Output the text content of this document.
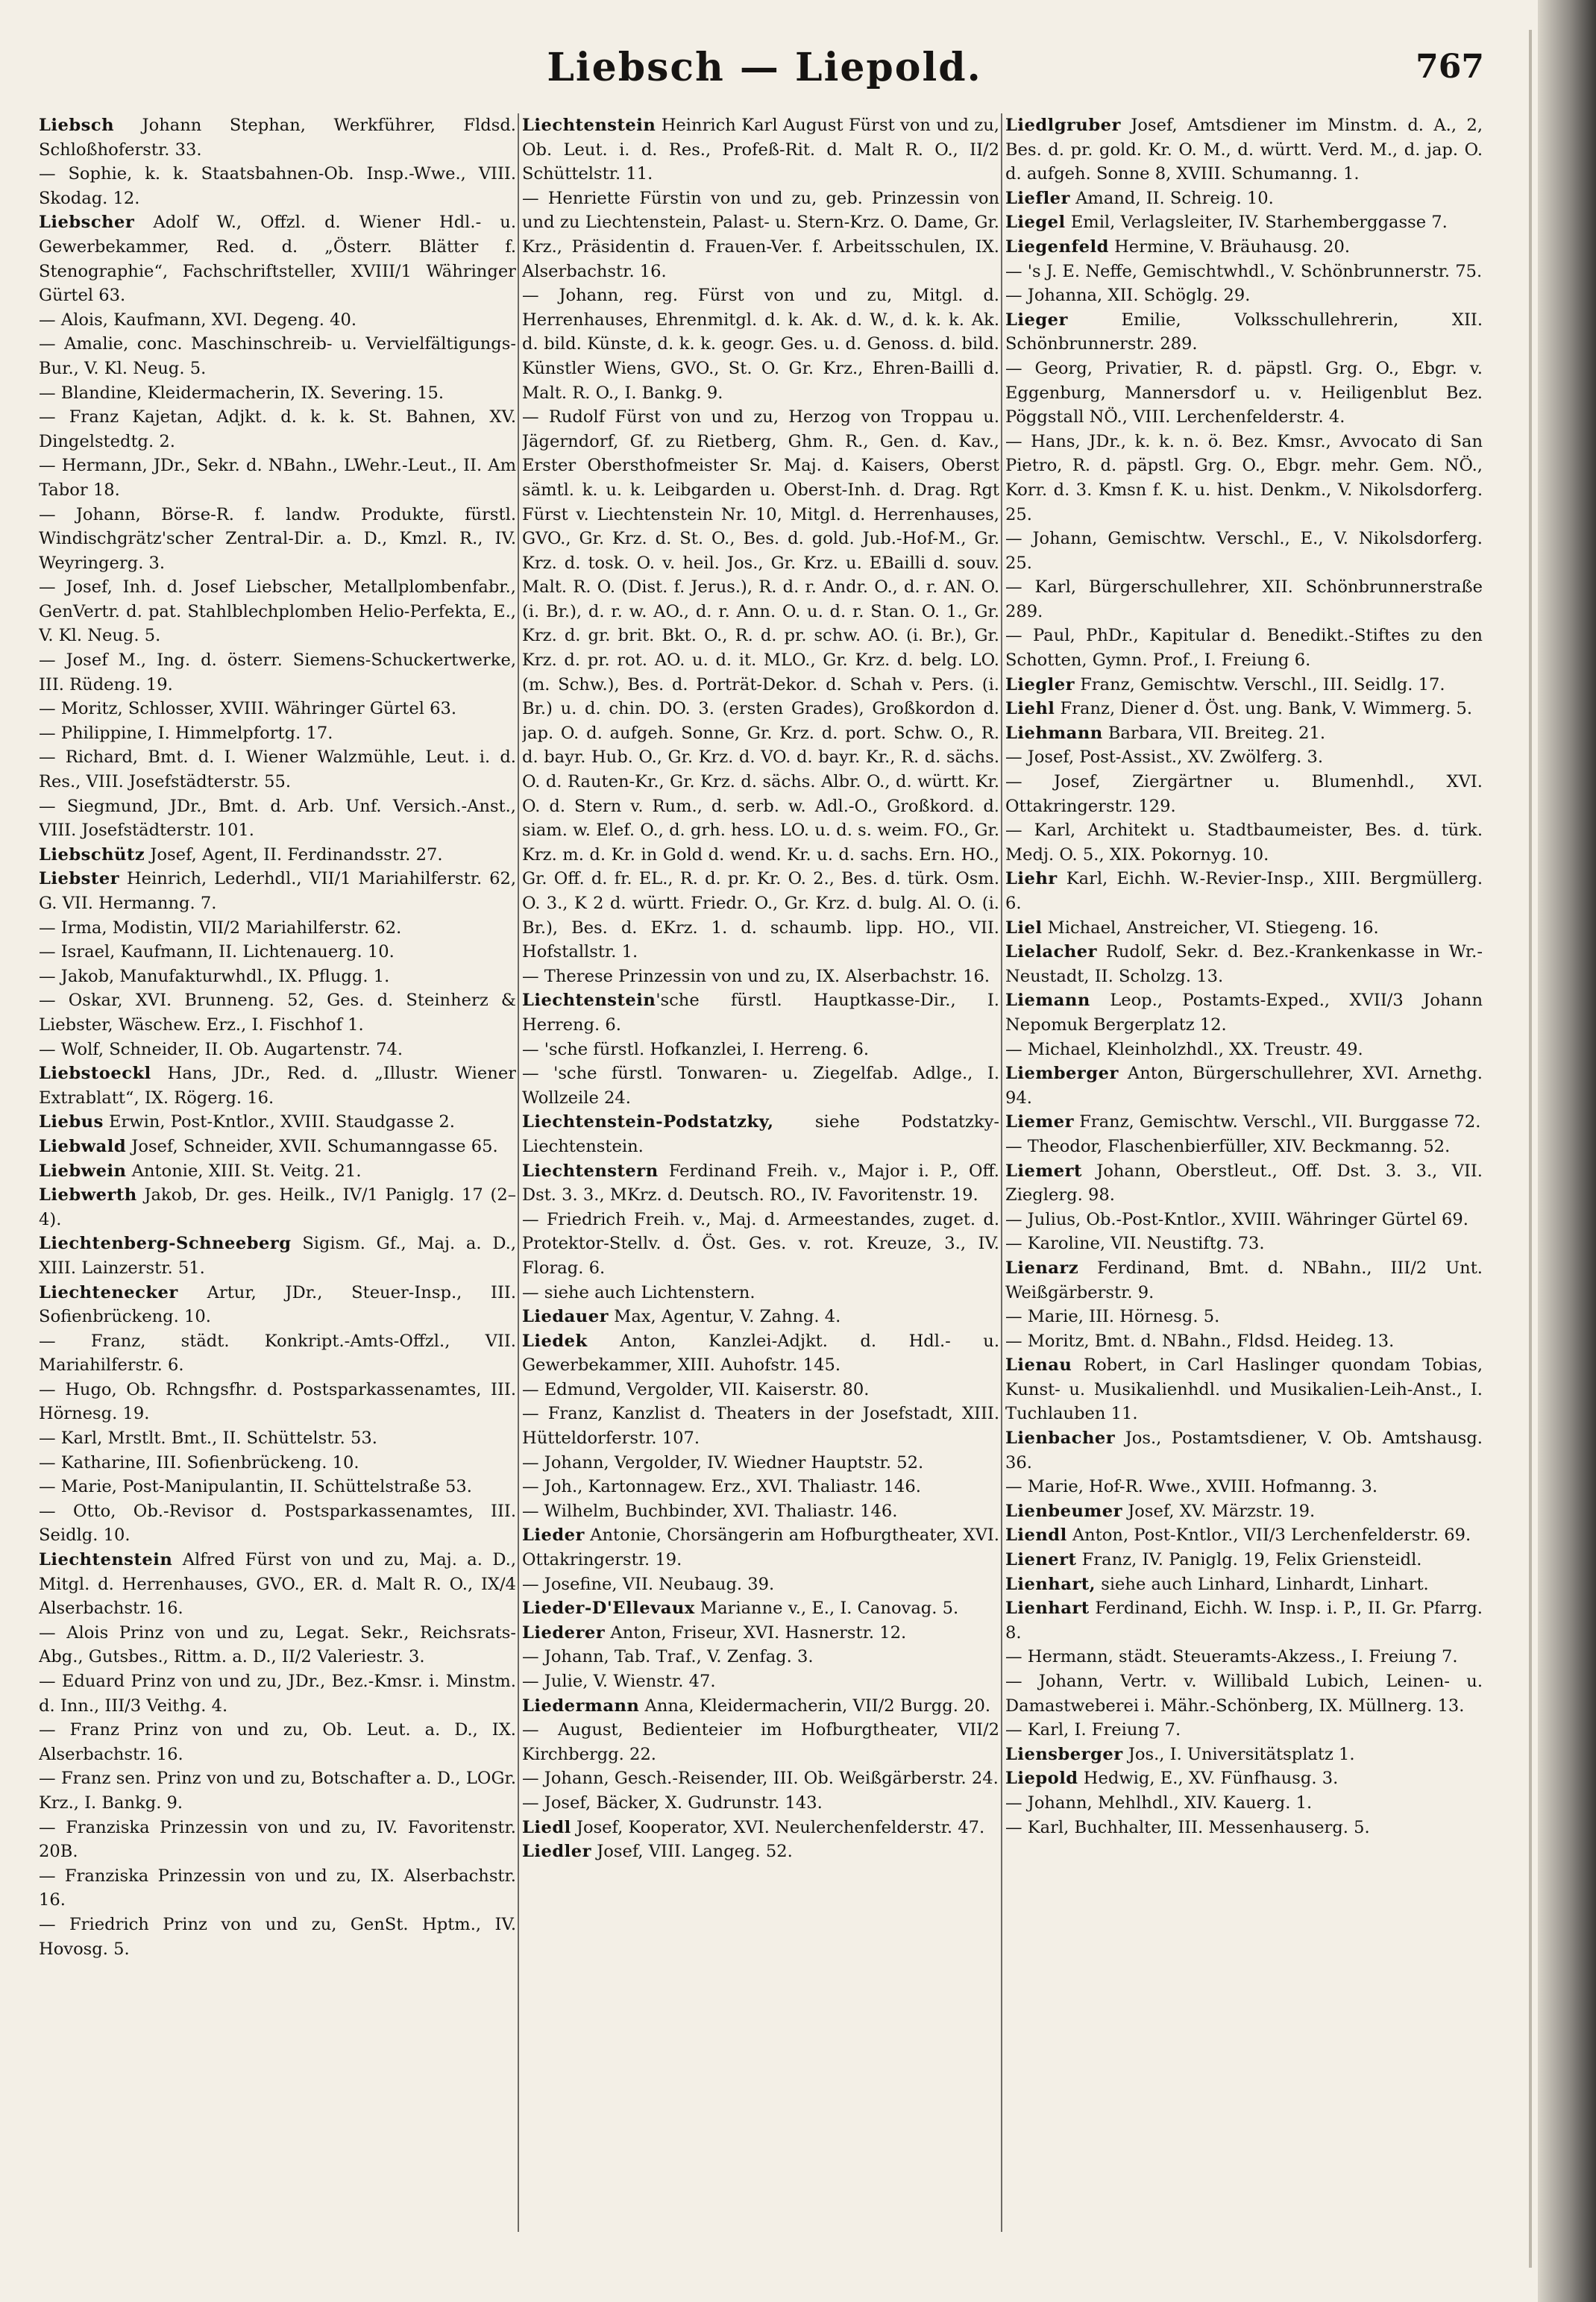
Liebsch — Liepold.	767

Liebsch Johann Stephan, Werkführer, Fldsd. Schloßhoferstr. 33.

— Sophie, k. k. Staatsbahnen-Ob. Insp.-Wwe., VIII. Skodag. 12.

Liebscher Adolf W., Offzl. d. Wiener Hdl.- u. Gewerbekammer, Red. d. „Österr. Blätter f. Stenographie“, Fachschriftsteller, XVIII/1 Währinger Gürtel 63.

— Alois, Kaufmann, XVI. Degeng. 40.

— Amalie, conc. Maschinschreib- u. Vervielfältigungs-Bur., V. Kl. Neug. 5.

— Blandine, Kleidermacherin, IX. Severing. 15.

— Franz Kajetan, Adjkt. d. k. k. St. Bahnen, XV. Dingelstedtg. 2.

— Hermann, JDr., Sekr. d. NBahn., LWehr.-Leut., II. Am Tabor 18.

— Johann, Börse-R. f. landw. Produkte, fürstl. Windischgrätz'scher Zentral-Dir. a. D., Kmzl. R., IV. Weyringerg. 3.

— Josef, Inh. d. Josef Liebscher, Metallplombenfabr., GenVertr. d. pat. Stahlblechplomben Helio-Perfekta, E., V. Kl. Neug. 5.

— Josef M., Ing. d. österr. Siemens-Schuckertwerke, III. Rüdeng. 19.

— Moritz, Schlosser, XVIII. Währinger Gürtel 63.

— Philippine, I. Himmelpfortg. 17.

— Richard, Bmt. d. I. Wiener Walzmühle, Leut. i. d. Res., VIII. Josefstädterstr. 55.

— Siegmund, JDr., Bmt. d. Arb. Unf. Versich.-Anst., VIII. Josefstädterstr. 101.

Liebschütz Josef, Agent, II. Ferdinandsstr. 27.

Liebster Heinrich, Lederhdl., VII/1 Mariahilferstr. 62, G. VII. Hermanng. 7.

— Irma, Modistin, VII/2 Mariahilferstr. 62.

— Israel, Kaufmann, II. Lichtenauerg. 10.

— Jakob, Manufakturwhdl., IX. Pflugg. 1.

— Oskar, XVI. Brunneng. 52, Ges. d. Steinherz & Liebster, Wäschew. Erz., I. Fischhof 1.

— Wolf, Schneider, II. Ob. Augartenstr. 74.

Liebstoeckl Hans, JDr., Red. d. „Illustr. Wiener Extrablatt“, IX. Rögerg. 16.

Liebus Erwin, Post-Kntlor., XVIII. Staudgasse 2.

Liebwald Josef, Schneider, XVII. Schumanngasse 65.

Liebwein Antonie, XIII. St. Veitg. 21.

Liebwerth Jakob, Dr. ges. Heilk., IV/1 Paniglg. 17 (2–4).

Liechtenberg-Schneeberg Sigism. Gf., Maj. a. D., XIII. Lainzerstr. 51.

Liechtenecker Artur, JDr., Steuer-Insp., III. Sofienbrückeng. 10.

— Franz, städt. Konkript.-Amts-Offzl., VII. Mariahilferstr. 6.

— Hugo, Ob. Rchngsfhr. d. Postsparkassenamtes, III. Hörnesg. 19.

— Karl, Mrstlt. Bmt., II. Schüttelstr. 53.

— Katharine, III. Sofienbrückeng. 10.

— Marie, Post-Manipulantin, II. Schüttelstraße 53.

— Otto, Ob.-Revisor d. Postsparkassenamtes, III. Seidlg. 10.

Liechtenstein Alfred Fürst von und zu, Maj. a. D., Mitgl. d. Herrenhauses, GVO., ER. d. Malt R. O., IX/4 Alserbachstr. 16.

— Alois Prinz von und zu, Legat. Sekr., Reichsrats-Abg., Gutsbes., Rittm. a. D., II/2 Valeriestr. 3.

— Eduard Prinz von und zu, JDr., Bez.-Kmsr. i. Minstm. d. Inn., III/3 Veithg. 4.

— Franz Prinz von und zu, Ob. Leut. a. D., IX. Alserbachstr. 16.

— Franz sen. Prinz von und zu, Botschafter a. D., LOGr. Krz., I. Bankg. 9.

— Franziska Prinzessin von und zu, IV. Favoritenstr. 20B.

— Franziska Prinzessin von und zu, IX. Alserbachstr. 16.

— Friedrich Prinz von und zu, GenSt. Hptm., IV. Hovosg. 5.

Liechtenstein Heinrich Karl August Fürst von und zu, Ob. Leut. i. d. Res., Profeß-Rit. d. Malt R. O., II/2 Schüttelstr. 11.

— Henriette Fürstin von und zu, geb. Prinzessin von und zu Liechtenstein, Palast- u. Stern-Krz. O. Dame, Gr. Krz., Präsidentin d. Frauen-Ver. f. Arbeitsschulen, IX. Alserbachstr. 16.

— Johann, reg. Fürst von und zu, Mitgl. d. Herrenhauses, Ehrenmitgl. d. k. Ak. d. W., d. k. k. Ak. d. bild. Künste, d. k. k. geogr. Ges. u. d. Genoss. d. bild. Künstler Wiens, GVO., St. O. Gr. Krz., Ehren-Bailli d. Malt. R. O., I. Bankg. 9.

— Rudolf Fürst von und zu, Herzog von Troppau u. Jägerndorf, Gf. zu Rietberg, Ghm. R., Gen. d. Kav., Erster Obersthofmeister Sr. Maj. d. Kaisers, Oberst sämtl. k. u. k. Leibgarden u. Oberst-Inh. d. Drag. Rgt Fürst v. Liechtenstein Nr. 10, Mitgl. d. Herrenhauses, GVO., Gr. Krz. d. St. O., Bes. d. gold. Jub.-Hof-M., Gr. Krz. d. tosk. O. v. heil. Jos., Gr. Krz. u. EBailli d. souv. Malt. R. O. (Dist. f. Jerus.), R. d. r. Andr. O., d. r. AN. O. (i. Br.), d. r. w. AO., d. r. Ann. O. u. d. r. Stan. O. 1., Gr. Krz. d. gr. brit. Bkt. O., R. d. pr. schw. AO. (i. Br.), Gr. Krz. d. pr. rot. AO. u. d. it. MLO., Gr. Krz. d. belg. LO. (m. Schw.), Bes. d. Porträt-Dekor. d. Schah v. Pers. (i. Br.) u. d. chin. DO. 3. (ersten Grades), Großkordon d. jap. O. d. aufgeh. Sonne, Gr. Krz. d. port. Schw. O., R. d. bayr. Hub. O., Gr. Krz. d. VO. d. bayr. Kr., R. d. sächs. O. d. Rauten-Kr., Gr. Krz. d. sächs. Albr. O., d. württ. Kr. O. d. Stern v. Rum., d. serb. w. Adl.-O., Großkord. d. siam. w. Elef. O., d. grh. hess. LO. u. d. s. weim. FO., Gr. Krz. m. d. Kr. in Gold d. wend. Kr. u. d. sachs. Ern. HO., Gr. Off. d. fr. EL., R. d. pr. Kr. O. 2., Bes. d. türk. Osm. O. 3., K 2 d. württ. Friedr. O., Gr. Krz. d. bulg. Al. O. (i. Br.), Bes. d. EKrz. 1. d. schaumb. lipp. HO., VII. Hofstallstr. 1.

— Therese Prinzessin von und zu, IX. Alserbachstr. 16.

Liechtenstein'sche fürstl. Hauptkasse-Dir., I. Herreng. 6.

— 'sche fürstl. Hofkanzlei, I. Herreng. 6.

— 'sche fürstl. Tonwaren- u. Ziegelfab. Adlge., I. Wollzeile 24.

Liechtenstein-Podstatzky, siehe Podstatzky-Liechtenstein.

Liechtenstern Ferdinand Freih. v., Major i. P., Off. Dst. 3. 3., MKrz. d. Deutsch. RO., IV. Favoritenstr. 19.

— Friedrich Freih. v., Maj. d. Armeestandes, zuget. d. Protektor-Stellv. d. Öst. Ges. v. rot. Kreuze, 3., IV. Florag. 6.

— siehe auch Lichtenstern.

Liedauer Max, Agentur, V. Zahng. 4.

Liedek Anton, Kanzlei-Adjkt. d. Hdl.- u. Gewerbekammer, XIII. Auhofstr. 145.

— Edmund, Vergolder, VII. Kaiserstr. 80.

— Franz, Kanzlist d. Theaters in der Josefstadt, XIII. Hütteldorferstr. 107.

— Johann, Vergolder, IV. Wiedner Hauptstr. 52.

— Joh., Kartonnagew. Erz., XVI. Thaliastr. 146.

— Wilhelm, Buchbinder, XVI. Thaliastr. 146.

Lieder Antonie, Chorsängerin am Hofburgtheater, XVI. Ottakringerstr. 19.

— Josefine, VII. Neubaug. 39.

Lieder-D'Ellevaux Marianne v., E., I. Canovag. 5.

Liederer Anton, Friseur, XVI. Hasnerstr. 12.

— Johann, Tab. Traf., V. Zenfag. 3.

— Julie, V. Wienstr. 47.

Liedermann Anna, Kleidermacherin, VII/2 Burgg. 20.

— August, Bedienteier im Hofburgtheater, VII/2 Kirchbergg. 22.

— Johann, Gesch.-Reisender, III. Ob. Weißgärberstr. 24.

— Josef, Bäcker, X. Gudrunstr. 143.

Liedl Josef, Kooperator, XVI. Neulerchenfelderstr. 47.

Liedler Josef, VIII. Langeg. 52.

Liedlgruber Josef, Amtsdiener im Minstm. d. A., 2, Bes. d. pr. gold. Kr. O. M., d. württ. Verd. M., d. jap. O. d. aufgeh. Sonne 8, XVIII. Schumanng. 1.

Liefler Amand, II. Schreig. 10.

Liegel Emil, Verlagsleiter, IV. Starhemberggasse 7.

Liegenfeld Hermine, V. Bräuhausg. 20.

— 's J. E. Neffe, Gemischtwhdl., V. Schönbrunnerstr. 75.

— Johanna, XII. Schöglg. 29.

Lieger Emilie, Volksschullehrerin, XII. Schönbrunnerstr. 289.

— Georg, Privatier, R. d. päpstl. Grg. O., Ebgr. v. Eggenburg, Mannersdorf u. v. Heiligenblut Bez. Pöggstall NÖ., VIII. Lerchenfelderstr. 4.

— Hans, JDr., k. k. n. ö. Bez. Kmsr., Avvocato di San Pietro, R. d. päpstl. Grg. O., Ebgr. mehr. Gem. NÖ., Korr. d. 3. Kmsn f. K. u. hist. Denkm., V. Nikolsdorferg. 25.

— Johann, Gemischtw. Verschl., E., V. Nikolsdorferg. 25.

— Karl, Bürgerschullehrer, XII. Schönbrunnerstraße 289.

— Paul, PhDr., Kapitular d. Benedikt.-Stiftes zu den Schotten, Gymn. Prof., I. Freiung 6.

Liegler Franz, Gemischtw. Verschl., III. Seidlg. 17.

Liehl Franz, Diener d. Öst. ung. Bank, V. Wimmerg. 5.

Liehmann Barbara, VII. Breiteg. 21.

— Josef, Post-Assist., XV. Zwölferg. 3.

— Josef, Ziergärtner u. Blumenhdl., XVI. Ottakringerstr. 129.

— Karl, Architekt u. Stadtbaumeister, Bes. d. türk. Medj. O. 5., XIX. Pokornyg. 10.

Liehr Karl, Eichh. W.-Revier-Insp., XIII. Bergmüllerg. 6.

Liel Michael, Anstreicher, VI. Stiegeng. 16.

Lielacher Rudolf, Sekr. d. Bez.-Krankenkasse in Wr.-Neustadt, II. Scholzg. 13.

Liemann Leop., Postamts-Exped., XVII/3 Johann Nepomuk Bergerplatz 12.

— Michael, Kleinholzhdl., XX. Treustr. 49.

Liemberger Anton, Bürgerschullehrer, XVI. Arnethg. 94.

Liemer Franz, Gemischtw. Verschl., VII. Burggasse 72.

— Theodor, Flaschenbierfüller, XIV. Beckmanng. 52.

Liemert Johann, Oberstleut., Off. Dst. 3. 3., VII. Zieglerg. 98.

— Julius, Ob.-Post-Kntlor., XVIII. Währinger Gürtel 69.

— Karoline, VII. Neustiftg. 73.

Lienarz Ferdinand, Bmt. d. NBahn., III/2 Unt. Weißgärberstr. 9.

— Marie, III. Hörnesg. 5.

— Moritz, Bmt. d. NBahn., Fldsd. Heideg. 13.

Lienau Robert, in Carl Haslinger quondam Tobias, Kunst- u. Musikalienhdl. und Musikalien-Leih-Anst., I. Tuchlauben 11.

Lienbacher Jos., Postamtsdiener, V. Ob. Amtshausg. 36.

— Marie, Hof-R. Wwe., XVIII. Hofmanng. 3.

Lienbeumer Josef, XV. Märzstr. 19.

Liendl Anton, Post-Kntlor., VII/3 Lerchenfelderstr. 69.

Lienert Franz, IV. Paniglg. 19, Felix Griensteidl.

Lienhart, siehe auch Linhard, Linhardt, Linhart.

Lienhart Ferdinand, Eichh. W. Insp. i. P., II. Gr. Pfarrg. 8.

— Hermann, städt. Steueramts-Akzess., I. Freiung 7.

— Johann, Vertr. v. Willibald Lubich, Leinen- u. Damastweberei i. Mähr.-Schönberg, IX. Müllnerg. 13.

— Karl, I. Freiung 7.

Liensberger Jos., I. Universitätsplatz 1.

Liepold Hedwig, E., XV. Fünfhausg. 3.

— Johann, Mehlhdl., XIV. Kauerg. 1.

— Karl, Buchhalter, III. Messenhauserg. 5.
